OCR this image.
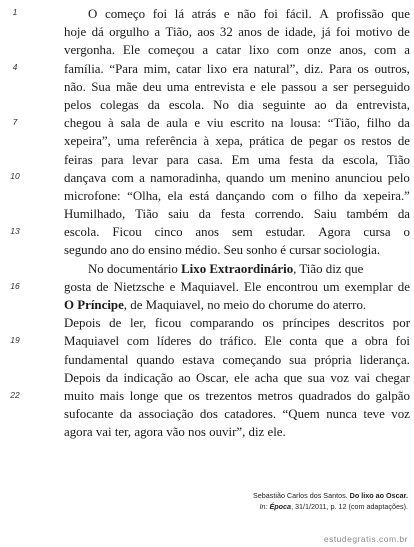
1
4
7
10
13
16
19
22
O começo foi lá atrás e não foi fácil. A profissão que
hoje dá orgulho a Tião, aos 32 anos de idade, já foi motivo de
vergonha. Ele começou a catar lixo com onze anos, com a
família. “Para mim, catar lixo era natural”, diz. Para os outros,
não. Sua mãe deu uma entrevista e ele passou a ser perseguido
pelos colegas da escola. No dia seguinte ao da entrevista,
chegou à sala de aula e viu escrito na lousa: “Tião, filho da
xepeira”, uma referência à xepa, prática de pegar os restos de
feiras para levar para casa. Em uma festa da escola, Tião
dançava com a namoradinha, quando um menino anunciou pelo
microfone: “Olha, ela está dançando com o filho da xepeira.”
Humilhado, Tião saiu da festa correndo. Saiu também da
escola. Ficou cinco anos sem estudar. Agora cursa o
segundo ano do ensino médio. Seu sonho é cursar sociologia.
No documentário Lixo Extraordinário, Tião diz que
gosta de Nietzsche e Maquiavel. Ele encontrou um exemplar de
O Príncipe, de Maquiavel, no meio do chorume do aterro.
Depois de ler, ficou comparando os príncipes descritos por
Maquiavel com líderes do tráfico. Ele conta que a obra foi
fundamental quando estava começando sua própria liderança.
Depois da indicação ao Oscar, ele acha que sua voz vai chegar
muito mais longe que os trezentos metros quadrados do galpão
sufocante da associação dos catadores. “Quem nunca teve voz
agora vai ter, agora vão nos ouvir”, diz ele.
Sebastião Carlos dos Santos. Do lixo ao Oscar.
In: Época, 31/1/2011, p. 12 (com adaptações).
estudegratis.com.br
